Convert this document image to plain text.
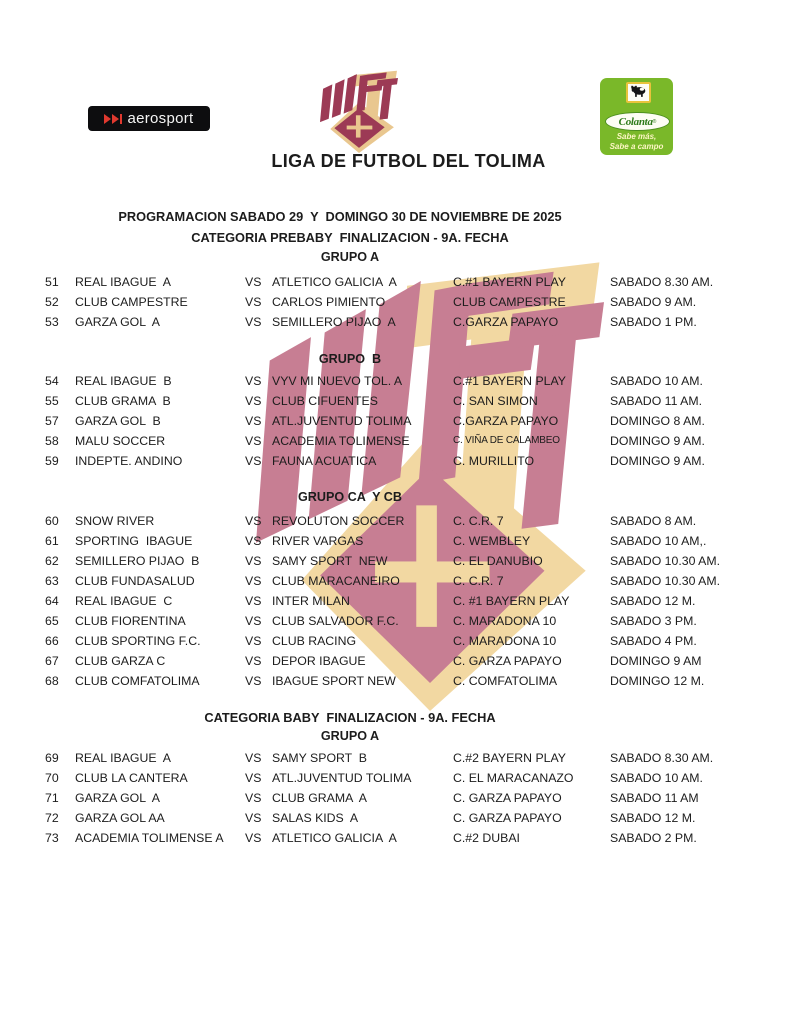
aerosport	Colanta ®
Sabe más,
Sabe a campo
LIGA DE FUTBOL DEL TOLIMA
PROGRAMACION SABADO 29  Y  DOMINGO 30 DE NOVIEMBRE DE 2025
CATEGORIA PREBABY  FINALIZACION - 9A. FECHA
CATEGORIA BABY  FINALIZACION - 9A. FECHA
GRUPO A
51 REAL IBAGUE  A	VS ATLETICO GALICIA  A	C.#1 BAYERN PLAY	SABADO 8.30 AM.
52 CLUB CAMPESTRE	VS CARLOS PIMIENTO	CLUB CAMPESTRE	SABADO 9 AM.
53 GARZA GOL  A	VS SEMILLERO PIJAO  A	C.GARZA PAPAYO	SABADO 1 PM.
GRUPO  B
54 REAL IBAGUE  B	VS VYV MI NUEVO TOL. A	C.#1 BAYERN PLAY	SABADO 10 AM.
55 CLUB GRAMA  B	VS CLUB CIFUENTES	C. SAN SIMON	SABADO 11 AM.
57 GARZA GOL  B	VS ATL.JUVENTUD TOLIMA	C.GARZA PAPAYO	DOMINGO 8 AM.
58 MALU SOCCER	VS ACADEMIA TOLIMENSE	C. VIÑA DE CALAMBEO	DOMINGO 9 AM.
59 INDEPTE. ANDINO	VS FAUNA ACUATICA	C. MURILLITO	DOMINGO 9 AM.
GRUPO CA  Y CB
60 SNOW RIVER	VS REVOLUTON SOCCER	C. C.R. 7	SABADO 8 AM.
61 SPORTING  IBAGUE	VS RIVER VARGAS	C. WEMBLEY	SABADO 10 AM,.
62 SEMILLERO PIJAO  B	VS SAMY SPORT  NEW	C. EL DANUBIO	SABADO 10.30 AM.
63 CLUB FUNDASALUD	VS CLUB MARACANEIRO	C. C.R. 7	SABADO 10.30 AM.
64 REAL IBAGUE  C	VS INTER MILAN	C. #1 BAYERN PLAY	SABADO 12 M.
65 CLUB FIORENTINA	VS CLUB SALVADOR F.C.	C. MARADONA 10	SABADO 3 PM.
66 CLUB SPORTING F.C.	VS CLUB RACING	C. MARADONA 10	SABADO 4 PM.
67 CLUB GARZA C	VS DEPOR IBAGUE	C. GARZA PAPAYO	DOMINGO 9 AM
68 CLUB COMFATOLIMA	VS IBAGUE SPORT NEW	C. COMFATOLIMA	DOMINGO 12 M.
GRUPO A
69 REAL IBAGUE  A	VS SAMY SPORT  B	C.#2 BAYERN PLAY	SABADO 8.30 AM.
70 CLUB LA CANTERA	VS ATL.JUVENTUD TOLIMA	C. EL MARACANAZO	SABADO 10 AM.
71 GARZA GOL  A	VS CLUB GRAMA  A	C. GARZA PAPAYO	SABADO 11 AM
72 GARZA GOL AA	VS SALAS KIDS  A	C. GARZA PAPAYO	SABADO 12 M.
73 ACADEMIA TOLIMENSE A VS ATLETICO GALICIA  A	C.#2 DUBAI	SABADO 2 PM.
